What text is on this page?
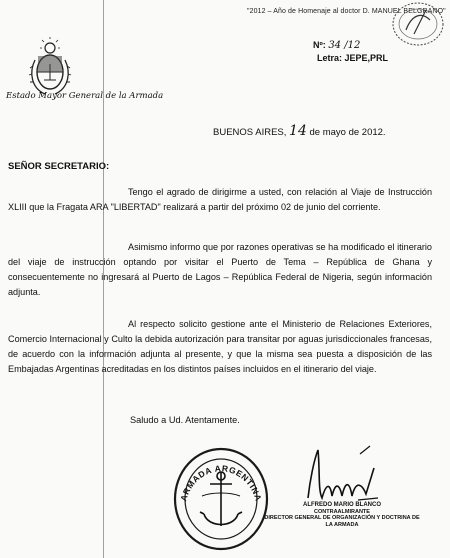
"2012 – Año de Homenaje al doctor D. MANUEL BELGRANO"
Nº: 34 /12
Letra: JEPE,PRL
Estado Mayor General de la Armada
BUENOS AIRES, 14 de mayo de 2012.
SEÑOR SECRETARIO:
Tengo el agrado de dirigirme a usted, con relación al Viaje de Instrucción XLIII que la Fragata ARA "LIBERTAD" realizará a partir del próximo 02 de junio del corriente.
Asimismo informo que por razones operativas se ha modificado el itinerario del viaje de instrucción optando por visitar el Puerto de Tema – República de Ghana y consecuentemente no ingresará al Puerto de Lagos – República Federal de Nigeria, según información adjunta.
Al respecto solicito gestione ante el Ministerio de Relaciones Exteriores, Comercio Internacional y Culto la debida autorización para transitar por aguas jurisdiccionales francesas, de acuerdo con la información adjunta al presente, y que la misma sea puesta a disposición de las Embajadas Argentinas acreditadas en los distintos países incluidos en el itinerario del viaje.
Saludo a Ud. Atentamente.
ARMADA ARGENTINA
ALFREDO MARIO BLANCO
CONTRAALMIRANTE
DIRECTOR GENERAL DE ORGANIZACIÓN Y DOCTRINA DE LA ARMADA
